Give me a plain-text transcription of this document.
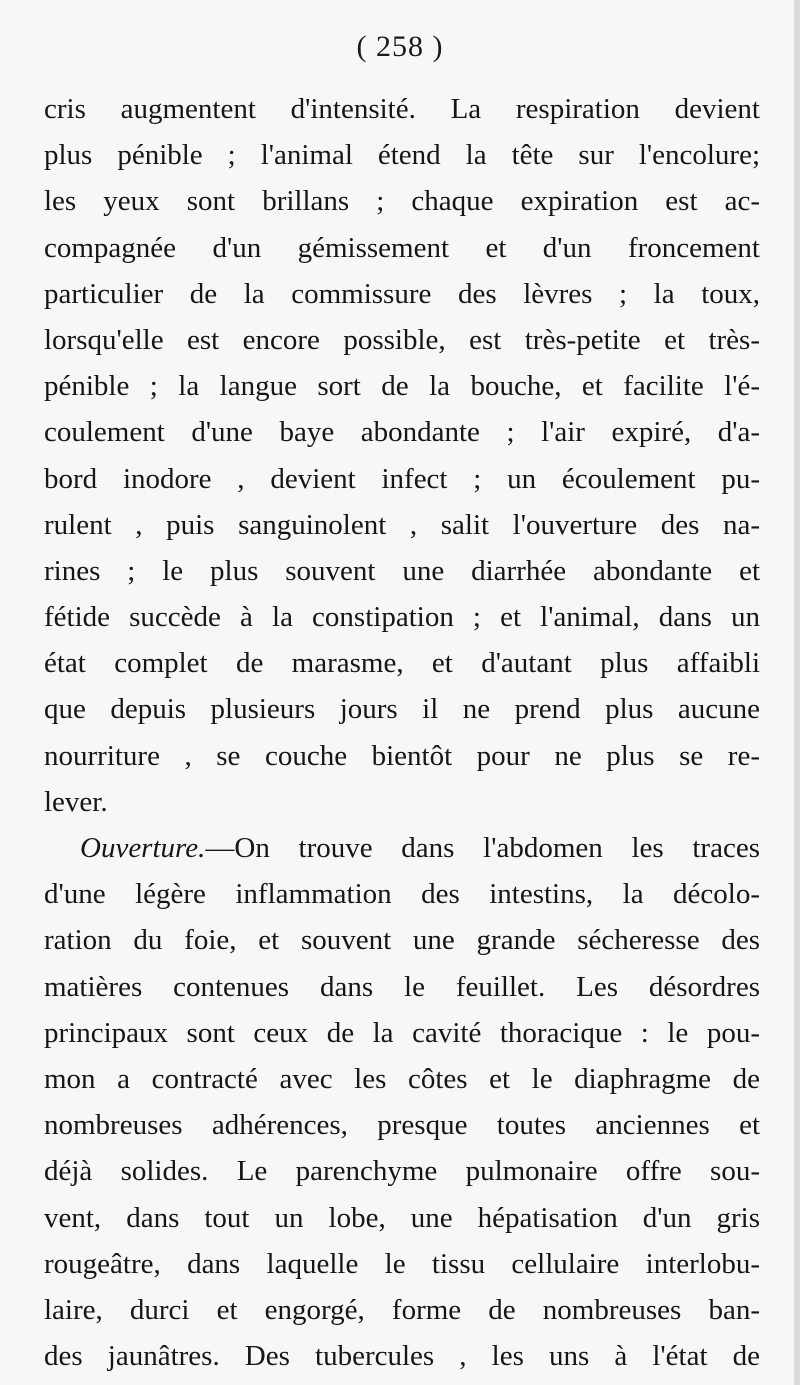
( 258 )
cris augmentent d'intensité. La respiration devient
plus pénible ; l'animal étend la tête sur l'encolure;
les yeux sont brillans ; chaque expiration est ac-
compagnée d'un gémissement et d'un froncement
particulier de la commissure des lèvres ; la toux,
lorsqu'elle est encore possible, est très-petite et très-
pénible ; la langue sort de la bouche, et facilite l'é-
coulement d'une baye abondante ; l'air expiré, d'a-
bord inodore , devient infect ; un écoulement pu-
rulent , puis sanguinolent , salit l'ouverture des na-
rines ; le plus souvent une diarrhée abondante et
fétide succède à la constipation ; et l'animal, dans un
état complet de marasme, et d'autant plus affaibli
que depuis plusieurs jours il ne prend plus aucune
nourriture , se couche bientôt pour ne plus se re-
lever.
Ouverture.—On trouve dans l'abdomen les traces
d'une légère inflammation des intestins, la décolo-
ration du foie, et souvent une grande sécheresse des
matières contenues dans le feuillet. Les désordres
principaux sont ceux de la cavité thoracique : le pou-
mon a contracté avec les côtes et le diaphragme de
nombreuses adhérences, presque toutes anciennes et
déjà solides. Le parenchyme pulmonaire offre sou-
vent, dans tout un lobe, une hépatisation d'un gris
rougeâtre, dans laquelle le tissu cellulaire interlobu-
laire, durci et engorgé, forme de nombreuses ban-
des jaunâtres. Des tubercules , les uns à l'état de
